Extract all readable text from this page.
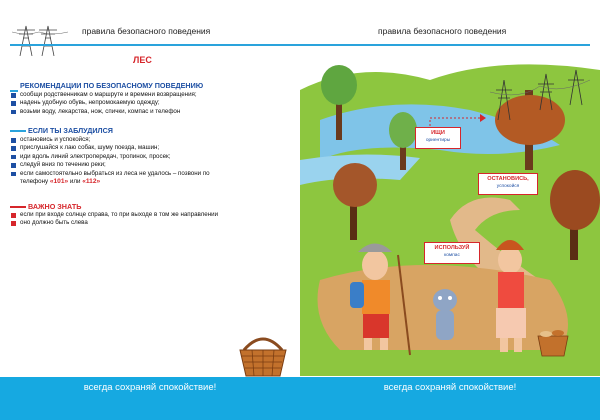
правила безопасного поведения
ЛЕС
РЕКОМЕНДАЦИИ ПО БЕЗОПАСНОМУ ПОВЕДЕНИЮ
сообщи родственникам о маршруте и времени возвращения;
надень удобную обувь, непромокаемую одежду;
возьми воду, лекарства, нож, спички, компас и телефон
ЕСЛИ ТЫ ЗАБЛУДИЛСЯ
остановись и успокойся;
прислушайся к лаю собак, шуму поезда, машин;
иди вдоль линий электропередач, тропинок, просек;
следуй вниз по течению реки;
если самостоятельно выбраться из леса не удалось – позвони по
телефону «101» или «112»
ВАЖНО ЗНАТЬ
если при входе солнце справа, то при выходе в том же направлении
оно должно быть слева
всегда сохраняй спокойствие!
правила безопасного поведения
ИЩИ
ориентиры
ОСТАНОВИСЬ,
успокойся
ИСПОЛЬЗУЙ
компас
всегда сохраняй спокойствие!
